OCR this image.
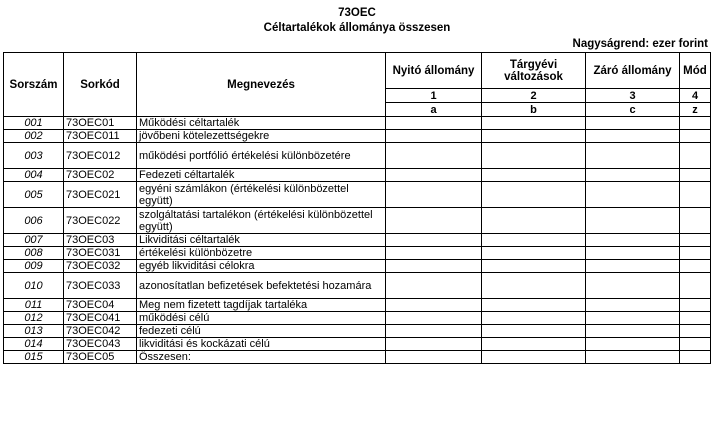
73OEC
Céltartalékok állománya összesen
Nagyságrend: ezer forint
Sorszám	Sorkód	Megnevezés	Nyitó állomány	Tárgyévi változások	Záró állomány	Mód
			1	2	3	4
			a	b	c	z
001	73OEC01	Működési céltartalék				
002	73OEC011	jövőbeni kötelezettségekre				
003	73OEC012	működési portfólió értékelési különbözetére				
004	73OEC02	Fedezeti céltartalék				
005	73OEC021	egyéni számlákon (értékelési különbözettel együtt)				
006	73OEC022	szolgáltatási tartalékon (értékelési különbözettel együtt)				
007	73OEC03	Likviditási céltartalék				
008	73OEC031	értékelési különbözetre				
009	73OEC032	egyéb likviditási célokra				
010	73OEC033	azonosítatlan befizetések befektetési hozamára				
011	73OEC04	Meg nem fizetett tagdíjak tartaléka				
012	73OEC041	működési célú				
013	73OEC042	fedezeti célú				
014	73OEC043	likviditási és kockázati célú				
015	73OEC05	Összesen:				
